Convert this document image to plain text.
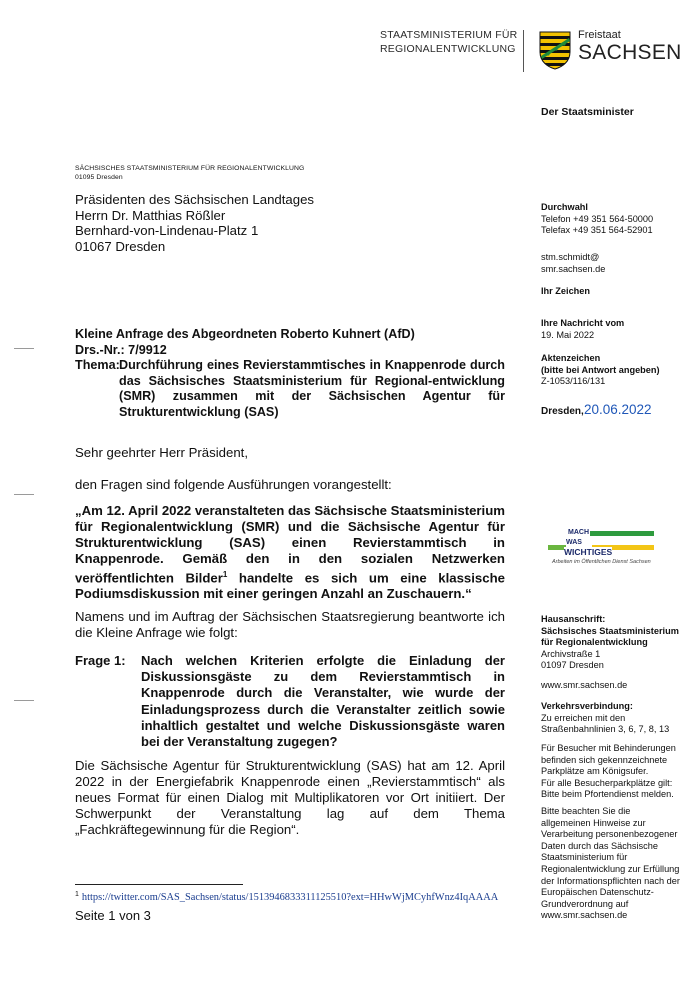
STAATSMINISTERIUM FÜR
REGIONALENTWICKLUNG
Freistaat
SACHSEN
Der Staatsminister
SÄCHSISCHES STAATSMINISTERIUM FÜR REGIONALENTWICKLUNG
01095 Dresden
Präsidenten des Sächsischen Landtages
Herrn Dr. Matthias Rößler
Bernhard-von-Lindenau-Platz 1
01067 Dresden
Kleine Anfrage des Abgeordneten Roberto Kuhnert (AfD)
Drs.-Nr.: 7/9912
Thema: Durchführung eines Revierstammtisches in Knappenrode durch das Sächsisches Staatsministerium für Regional-entwicklung (SMR) zusammen mit der Sächsischen Agentur für Strukturentwicklung (SAS)
Sehr geehrter Herr Präsident,
den Fragen sind folgende Ausführungen vorangestellt:
„Am 12. April 2022 veranstalteten das Sächsische Staatsministerium für Regionalentwicklung (SMR) und die Sächsische Agentur für Strukturentwicklung (SAS) einen Revierstammtisch in Knappenrode. Gemäß den in den sozialen Netzwerken veröffentlichten Bilder$^1$ handelte es sich um eine klassische Podiumsdiskussion mit einer geringen Anzahl an Zuschauern.“
Namens und im Auftrag der Sächsischen Staatsregierung beantworte ich die Kleine Anfrage wie folgt:
Frage 1:	Nach welchen Kriterien erfolgte die Einladung der Diskussionsgäste zu dem Revierstammtisch in Knappenrode durch die Veranstalter, wie wurde der Einladungsprozess durch die Veranstalter zeitlich sowie inhaltlich gestaltet und welche Diskussionsgäste waren bei der Veranstaltung zugegen?
Die Sächsische Agentur für Strukturentwicklung (SAS) hat am 12. April 2022 in der Energiefabrik Knappenrode einen „Revierstammtisch“ als neues Format für einen Dialog mit Multiplikatoren vor Ort initiiert. Der Schwerpunkt der Veranstaltung lag auf dem Thema „Fachkräftegewinnung für die Region“.
$^1$ https://twitter.com/SAS_Sachsen/status/1513946833311125510?ext=HHwWjMCyhfWnz4IqAAAA
Seite 1 von 3
Durchwahl
Telefon +49 351 564-50000
Telefax +49 351 564-52901
stm.schmidt@
smr.sachsen.de
Ihr Zeichen
Ihre Nachricht vom
19. Mai 2022
Aktenzeichen
(bitte bei Antwort angeben)
Z-1053/116/131
Dresden, 20.06.2022
MACH
WAS
WICHTIGES
Arbeiten im Öffentlichen Dienst Sachsen
Hausanschrift:
Sächsisches Staatsministerium
für Regionalentwicklung
Archivstraße 1
01097 Dresden
www.smr.sachsen.de
Verkehrsverbindung:
Zu erreichen mit den
Straßenbahnlinien 3, 6, 7, 8, 13
Für Besucher mit Behinderungen
befinden sich gekennzeichnete
Parkplätze am Königsufer.
Für alle Besucherparkplätze gilt:
Bitte beim Pfortendienst melden.
Bitte beachten Sie die
allgemeinen Hinweise zur
Verarbeitung personenbezogener
Daten durch das Sächsische
Staatsministerium für
Regionalentwicklung zur Erfüllung
der Informationspflichten nach der
Europäischen Datenschutz-
Grundverordnung auf
www.smr.sachsen.de
